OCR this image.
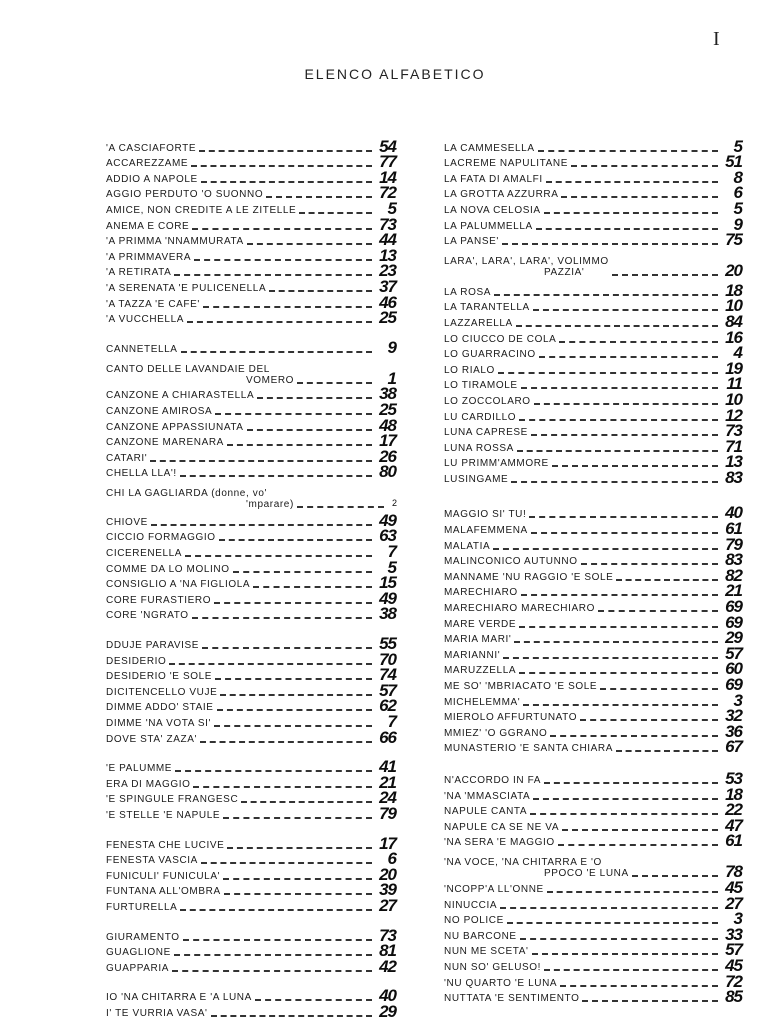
I
ELENCO ALFABETICO
'A CASCIAFORTE	54
ACCAREZZAME	77
ADDIO A NAPOLE	14
AGGIO PERDUTO 'O SUONNO	72
AMICE, NON CREDITE A LE ZITELLE	5
ANEMA E CORE	73
'A PRIMMA 'NNAMMURATA	44
'A PRIMMAVERA	13
'A RETIRATA	23
'A SERENATA 'E PULICENELLA	37
'A TAZZA 'E CAFE'	46
'A VUCCHELLA	25
CANNETELLA	9
CANTO DELLE LAVANDAIE DEL
VOMERO	1
CANZONE A CHIARASTELLA	38
CANZONE AMIROSA	25
CANZONE APPASSIUNATA	48
CANZONE MARENARA	17
CATARI'	26
CHELLA LLA'!	80
CHI LA GAGLIARDA (donne, vo'
'mparare)	2
CHIOVE	49
CICCIO FORMAGGIO	63
CICERENELLA	7
COMME DA LO MOLINO	5
CONSIGLIO A 'NA FIGLIOLA	15
CORE FURASTIERO	49
CORE 'NGRATO	38
DDUJE PARAVISE	55
DESIDERIO	70
DESIDERIO 'E SOLE	74
DICITENCELLO VUJE	57
DIMME ADDO' STAIE	62
DIMME 'NA VOTA SI'	7
DOVE STA' ZAZA'	66
'E PALUMME	41
ERA DI MAGGIO	21
'E SPINGULE FRANGESC	24
'E STELLE 'E NAPULE	79
FENESTA CHE LUCIVE	17
FENESTA VASCIA	6
FUNICULI' FUNICULA'	20
FUNTANA ALL'OMBRA	39
FURTURELLA	27
GIURAMENTO	73
GUAGLIONE	81
GUAPPARIA	42
IO 'NA CHITARRA E 'A LUNA	40
I' TE VURRIA VASA'	29
LA CAMMESELLA	5
LACREME NAPULITANE	51
LA FATA DI AMALFI	8
LA GROTTA AZZURRA	6
LA NOVA CELOSIA	5
LA PALUMMELLA	9
LA PANSE'	75
LARA', LARA', LARA', VOLIMMO
PAZZIA'	20
LA ROSA	18
LA TARANTELLA	10
LAZZARELLA	84
LO CIUCCO DE COLA	16
LO GUARRACINO	4
LO RIALO	19
LO TIRAMOLE	11
LO ZOCCOLARO	10
LU CARDILLO	12
LUNA CAPRESE	73
LUNA ROSSA	71
LU PRIMM'AMMORE	13
LUSINGAME	83
MAGGIO SI' TU!	40
MALAFEMMENA	61
MALATIA	79
MALINCONICO AUTUNNO	83
MANNAME 'NU RAGGIO 'E SOLE	82
MARECHIARO	21
MARECHIARO MARECHIARO	69
MARE VERDE	69
MARIA MARI'	29
MARIANNI'	57
MARUZZELLA	60
ME SO' 'MBRIACATO 'E SOLE	69
MICHELEMMA'	3
MIEROLO AFFURTUNATO	32
MMIEZ' 'O GGRANO	36
MUNASTERIO 'E SANTA CHIARA	67
N'ACCORDO IN FA	53
'NA 'MMASCIATA	18
NAPULE CANTA	22
NAPULE CA SE NE VA	47
'NA SERA 'E MAGGIO	61
'NA VOCE, 'NA CHITARRA E 'O
PPOCO 'E LUNA	78
'NCOPP'A LL'ONNE	45
NINUCCIA	27
NO POLICE	3
NU BARCONE	33
NUN ME SCETA'	57
NUN SO' GELUSO!	45
'NU QUARTO 'E LUNA	72
NUTTATA 'E SENTIMENTO	85
